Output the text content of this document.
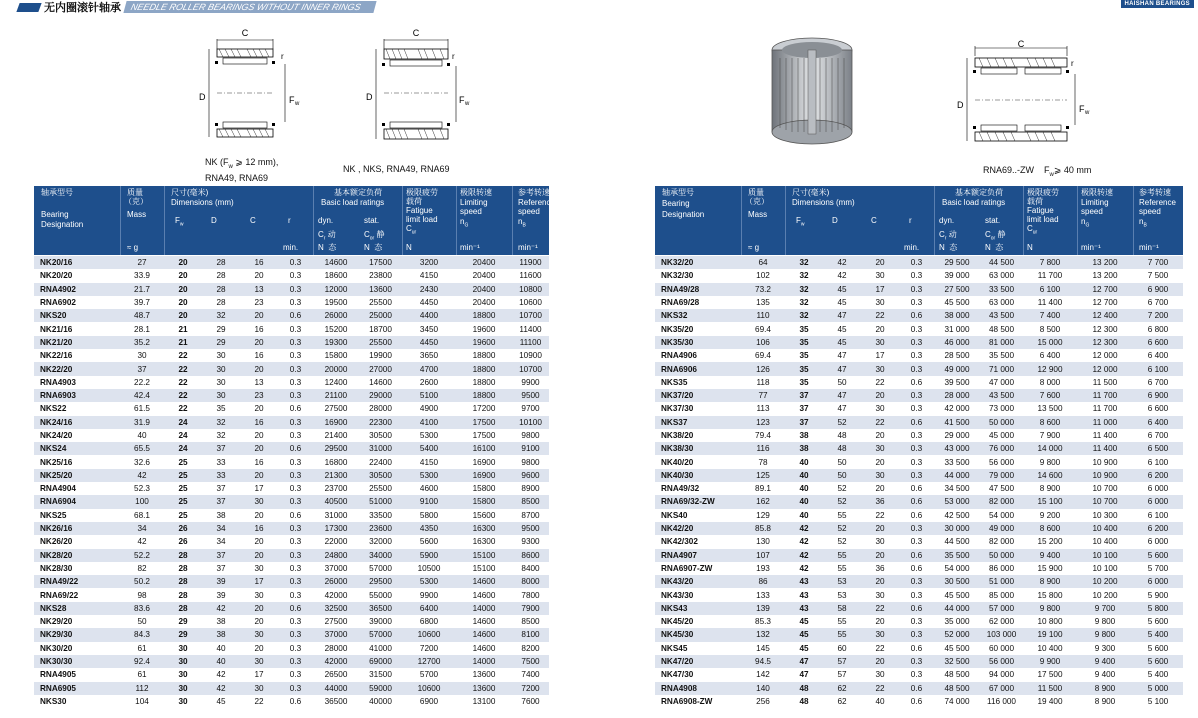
无内圈滚针轴承 NEEDLE ROLLER BEARINGS WITHOUT INNER RINGS	HAISHAN BEARINGS
C
D	F w
r
NK ($F_w$ ⩾ 12 mm),
RNA49, RNA69
C
D	F w
r
NK , NKS, RNA49, RNA69
C
D	F w
r
RNA69..-ZW $F_w⩾$ 40 mm
轴承型号
Bearing
Designation
质量
（克）
Mass
≈ g
尺寸(毫米)
Dimensions (mm)
$F_w$	D	C	r
min.
基本额定负荷
Basic load ratings
dyn.
$C_r$ 动
N 态
stat.
$C_{or}$ 静
N 态
极限疲劳
载荷
Fatigue
limit load
$C_{ur}$
N
极限转速
Limiting
speed
$n_G$
min⁻¹
参考转速
Reference
speed
$n_B$
min⁻¹
轴承型号
Bearing
Designation
质量
（克）
Mass
≈ g
尺寸(毫米)
Dimensions (mm)
$F_w$	D	C	r
min.
基本额定负荷
Basic load ratings
dyn.
$C_r$ 动
N 态
stat.
$C_{or}$ 静
N 态
极限疲劳
载荷
Fatigue
limit load
$C_{ur}$
N
极限转速
Limiting
speed
$n_G$
min⁻¹
参考转速
Reference
speed
$n_B$
min⁻¹
NK20/16	27	20	28	16	0.3	14600	17500	3200	20400	11900
NK20/20	33.9	20	28	20	0.3	18600	23800	4150	20400	11600
RNA4902	21.7	20	28	13	0.3	12000	13600	2430	20400	10800
RNA6902	39.7	20	28	23	0.3	19500	25500	4450	20400	10600
NKS20	48.7	20	32	20	0.6	26000	25000	4400	18800	10700
NK21/16	28.1	21	29	16	0.3	15200	18700	3450	19600	11400
NK21/20	35.2	21	29	20	0.3	19300	25500	4450	19600	11100
NK22/16	30	22	30	16	0.3	15800	19900	3650	18800	10900
NK22/20	37	22	30	20	0.3	20000	27000	4700	18800	10700
RNA4903	22.2	22	30	13	0.3	12400	14600	2600	18800	9900
RNA6903	42.4	22	30	23	0.3	21100	29000	5100	18800	9500
NKS22	61.5	22	35	20	0.6	27500	28000	4900	17200	9700
NK24/16	31.9	24	32	16	0.3	16900	22300	4100	17500	10100
NK24/20	40	24	32	20	0.3	21400	30500	5300	17500	9800
NKS24	65.5	24	37	20	0.6	29500	31000	5400	16100	9100
NK25/16	32.6	25	33	16	0.3	16800	22400	4150	16900	9800
NK25/20	42	25	33	20	0.3	21300	30500	5300	16900	9600
RNA4904	52.3	25	37	17	0.3	23700	25500	4600	15800	8900
RNA6904	100	25	37	30	0.3	40500	51000	9100	15800	8500
NKS25	68.1	25	38	20	0.6	31000	33500	5800	15600	8700
NK26/16	34	26	34	16	0.3	17300	23600	4350	16300	9500
NK26/20	42	26	34	20	0.3	22000	32000	5600	16300	9300
NK28/20	52.2	28	37	20	0.3	24800	34000	5900	15100	8600
NK28/30	82	28	37	30	0.3	37000	57000	10500	15100	8400
RNA49/22	50.2	28	39	17	0.3	26000	29500	5300	14600	8000
RNA69/22	98	28	39	30	0.3	42000	55000	9900	14600	7800
NKS28	83.6	28	42	20	0.6	32500	36500	6400	14000	7900
NK29/20	50	29	38	20	0.3	27500	39000	6800	14600	8500
NK29/30	84.3	29	38	30	0.3	37000	57000	10600	14600	8100
NK30/20	61	30	40	20	0.3	28000	41000	7200	14600	8200
NK30/30	92.4	30	40	30	0.3	42000	69000	12700	14000	7500
RNA4905	61	30	42	17	0.3	26500	31500	5700	13600	7400
RNA6905	112	30	42	30	0.3	44000	59000	10600	13600	7200
NKS30	104	30	45	22	0.6	36500	40000	6900	13100	7600
NK32/20	64	32	42	20	0.3	29 500	44 500	7 800	13 200	7 700
NK32/30	102	32	42	30	0.3	39 000	63 000	11 700	13 200	7 500
RNA49/28	73.2	32	45	17	0.3	27 500	33 500	6 100	12 700	6 900
RNA69/28	135	32	45	30	0.3	45 500	63 000	11 400	12 700	6 700
NKS32	110	32	47	22	0.6	38 000	43 500	7 400	12 400	7 200
NK35/20	69.4	35	45	20	0.3	31 000	48 500	8 500	12 300	6 800
NK35/30	106	35	45	30	0.3	46 000	81 000	15 000	12 300	6 600
RNA4906	69.4	35	47	17	0.3	28 500	35 500	6 400	12 000	6 400
RNA6906	126	35	47	30	0.3	49 000	71 000	12 900	12 000	6 100
NKS35	118	35	50	22	0.6	39 500	47 000	8 000	11 500	6 700
NK37/20	77	37	47	20	0.3	28 000	43 500	7 600	11 700	6 900
NK37/30	113	37	47	30	0.3	42 000	73 000	13 500	11 700	6 600
NKS37	123	37	52	22	0.6	41 500	50 000	8 600	11 000	6 400
NK38/20	79.4	38	48	20	0.3	29 000	45 000	7 900	11 400	6 700
NK38/30	116	38	48	30	0.3	43 000	76 000	14 000	11 400	6 500
NK40/20	78	40	50	20	0.3	33 500	56 000	9 800	10 900	6 100
NK40/30	125	40	50	30	0.3	44 000	79 000	14 600	10 900	6 200
RNA49/32	89.1	40	52	20	0.6	34 500	47 500	8 900	10 700	6 000
RNA69/32-ZW	162	40	52	36	0.6	53 000	82 000	15 100	10 700	6 000
NKS40	129	40	55	22	0.6	42 500	54 000	9 200	10 300	6 100
NK42/20	85.8	42	52	20	0.3	30 000	49 000	8 600	10 400	6 200
NK42/302	130	42	52	30	0.3	44 500	82 000	15 200	10 400	6 000
RNA4907	107	42	55	20	0.6	35 500	50 000	9 400	10 100	5 600
RNA6907-ZW	193	42	55	36	0.6	54 000	86 000	15 900	10 100	5 700
NK43/20	86	43	53	20	0.3	30 500	51 000	8 900	10 200	6 000
NK43/30	133	43	53	30	0.3	45 500	85 000	15 800	10 200	5 900
NKS43	139	43	58	22	0.6	44 000	57 000	9 800	9 700	5 800
NK45/20	85.3	45	55	20	0.3	35 000	62 000	10 800	9 800	5 600
NK45/30	132	45	55	30	0.3	52 000	103 000	19 100	9 800	5 400
NKS45	145	45	60	22	0.6	45 500	60 000	10 400	9 300	5 600
NK47/20	94.5	47	57	20	0.3	32 500	56 000	9 900	9 400	5 600
NK47/30	142	47	57	30	0.3	48 500	94 000	17 500	9 400	5 400
RNA4908	140	48	62	22	0.6	48 500	67 000	11 500	8 900	5 000
RNA6908-ZW	256	48	62	40	0.6	74 000	116 000	19 400	8 900	5 100
